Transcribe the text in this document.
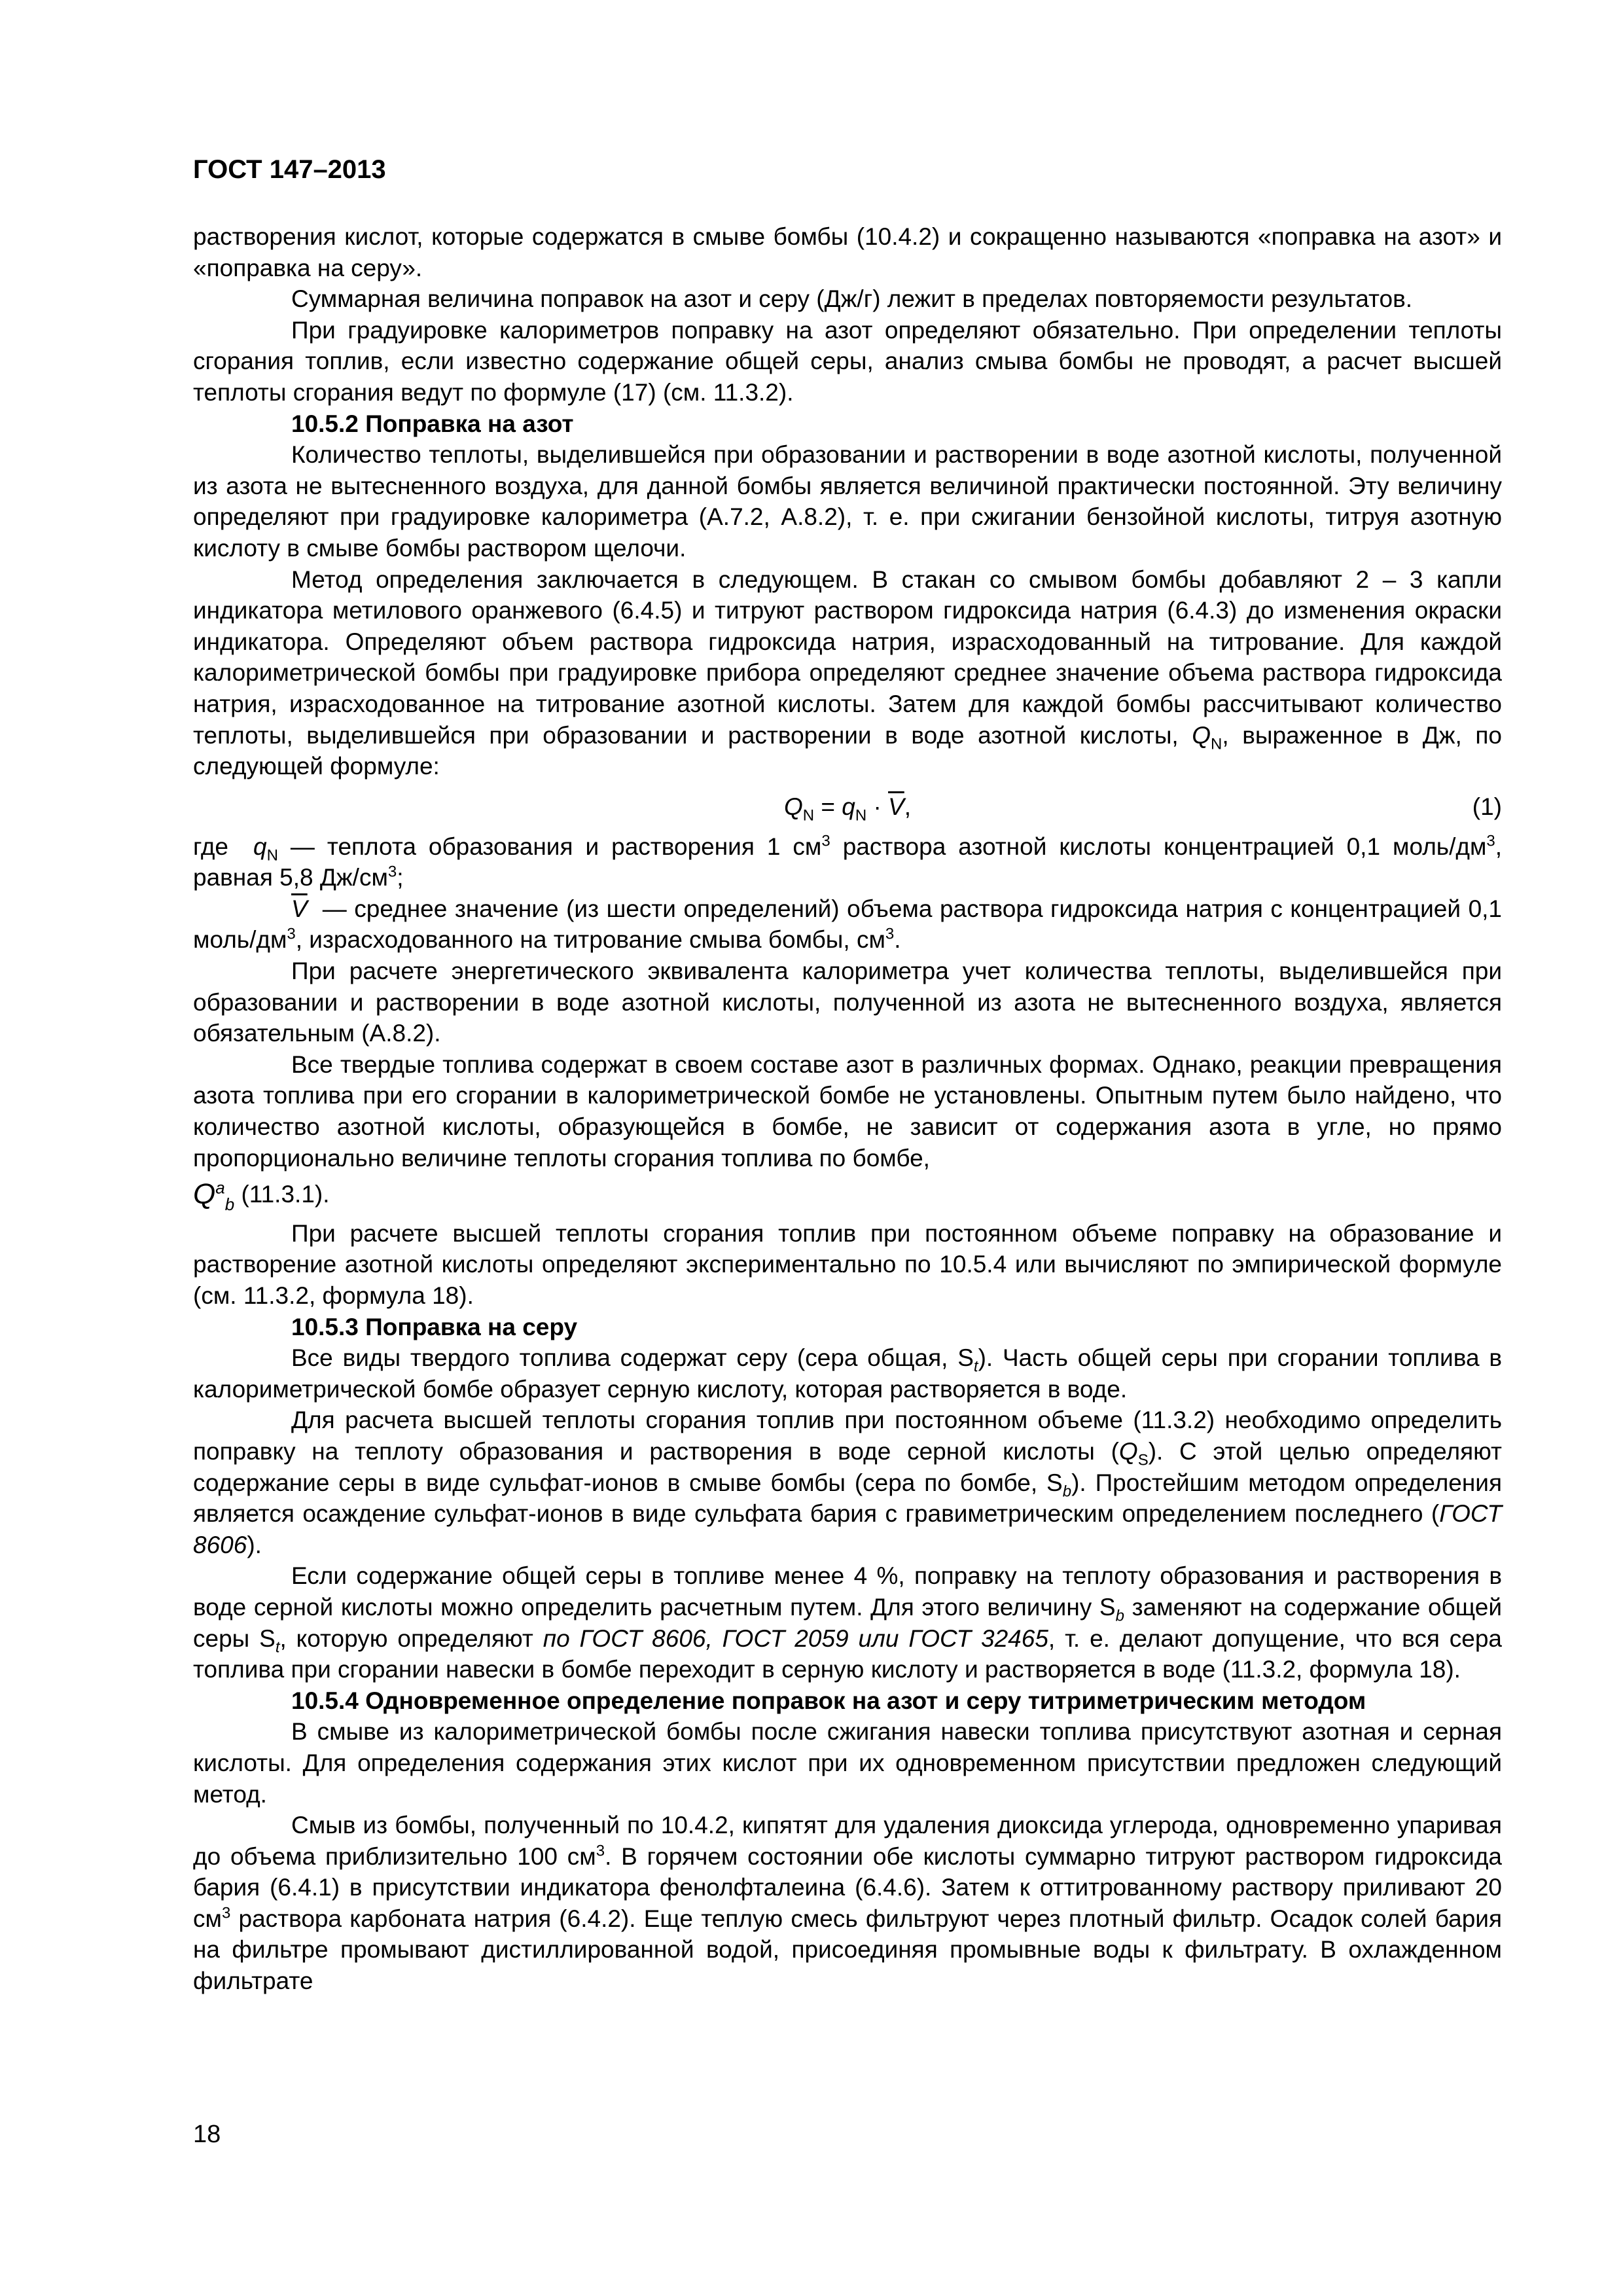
ГОСТ 147–2013

растворения кислот, которые содержатся в смыве бомбы (10.4.2) и сокращенно называются «поправка на азот» и «поправка на серу».

Суммарная величина поправок на азот и серу (Дж/г) лежит в пределах повторяемости результатов.

При градуировке калориметров поправку на азот определяют обязательно. При определении теплоты сгорания топлив, если известно содержание общей серы, анализ смыва бомбы не проводят, а расчет высшей теплоты сгорания ведут по формуле (17) (см. 11.3.2).

10.5.2 Поправка на азот

Количество теплоты, выделившейся при образовании и растворении в воде азотной кислоты, полученной из азота не вытесненного воздуха, для данной бомбы является величиной практически постоянной. Эту величину определяют при градуировке калориметра (А.7.2, А.8.2), т. е. при сжигании бензойной кислоты, титруя азотную кислоту в смыве бомбы раствором щелочи.

Метод определения заключается в следующем. В стакан со смывом бомбы добавляют 2 – 3 капли индикатора метилового оранжевого (6.4.5) и титруют раствором гидроксида натрия (6.4.3) до изменения окраски индикатора. Определяют объем раствора гидроксида натрия, израсходованный на титрование. Для каждой калориметрической бомбы при градуировке прибора определяют среднее значение объема раствора гидроксида натрия, израсходованное на титрование азотной кислоты. Затем для каждой бомбы рассчитывают количество теплоты, выделившейся при образовании и растворении в воде азотной кислоты, $Q_N$, выраженное в Дж, по следующей формуле:

$Q_N = q_N \cdot \overline{V}$,	(1)

где $q_N$ — теплота образования и растворения 1 $см^3$ раствора азотной кислоты концентрацией 0,1 моль/$дм^3$, равная 5,8 $Дж/см^3$;

$\overline{V}$ — среднее значение (из шести определений) объема раствора гидроксида натрия с концентрацией 0,1 моль/$дм^3$, израсходованного на титрование смыва бомбы, $см^3$.

При расчете энергетического эквивалента калориметра учет количества теплоты, выделившейся при образовании и растворении в воде азотной кислоты, полученной из азота не вытесненного воздуха, является обязательным (А.8.2).

Все твердые топлива содержат в своем составе азот в различных формах. Однако, реакции превращения азота топлива при его сгорании в калориметрической бомбе не установлены. Опытным путем было найдено, что количество азотной кислоты, образующейся в бомбе, не зависит от содержания азота в угле, но прямо пропорционально величине теплоты сгорания топлива по бомбе,

$Q^a_b$ (11.3.1).

При расчете высшей теплоты сгорания топлив при постоянном объеме поправку на образование и растворение азотной кислоты определяют экспериментально по 10.5.4 или вычисляют по эмпирической формуле (см. 11.3.2, формула 18).

10.5.3 Поправка на серу

Все виды твердого топлива содержат серу (сера общая, $S_t$). Часть общей серы при сгорании топлива в калориметрической бомбе образует серную кислоту, которая растворяется в воде.

Для расчета высшей теплоты сгорания топлив при постоянном объеме (11.3.2) необходимо определить поправку на теплоту образования и растворения в воде серной кислоты $(Q_S)$. С этой целью определяют содержание серы в виде сульфат-ионов в смыве бомбы (сера по бомбе, $S_b$). Простейшим методом определения является осаждение сульфат-ионов в виде сульфата бария с гравиметрическим определением последнего (ГОСТ 8606).

Если содержание общей серы в топливе менее 4 %, поправку на теплоту образования и растворения в воде серной кислоты можно определить расчетным путем. Для этого величину $S_b$ заменяют на содержание общей серы $S_t$, которую определяют по ГОСТ 8606, ГОСТ 2059 или ГОСТ 32465, т. е. делают допущение, что вся сера топлива при сгорании навески в бомбе переходит в серную кислоту и растворяется в воде (11.3.2, формула 18).

10.5.4 Одновременное определение поправок на азот и серу титриметрическим методом

В смыве из калориметрической бомбы после сжигания навески топлива присутствуют азотная и серная кислоты. Для определения содержания этих кислот при их одновременном присутствии предложен следующий метод.

Смыв из бомбы, полученный по 10.4.2, кипятят для удаления диоксида углерода, одновременно упаривая до объема приблизительно 100 $см^3$. В горячем состоянии обе кислоты суммарно титруют раствором гидроксида бария (6.4.1) в присутствии индикатора фенолфталеина (6.4.6). Затем к оттитрованному раствору приливают 20 $см^3$ раствора карбоната натрия (6.4.2). Еще теплую смесь фильтруют через плотный фильтр. Осадок солей бария на фильтре промывают дистиллированной водой, присоединяя промывные воды к фильтрату. В охлажденном фильтрате

18
